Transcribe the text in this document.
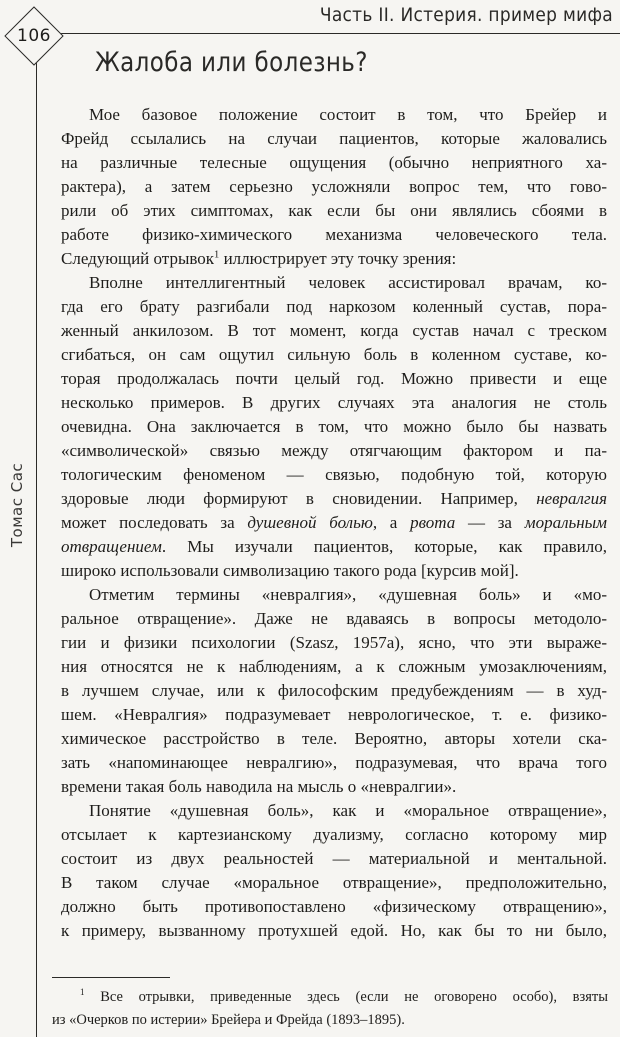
106
Часть II. Истерия. пример мифа
Томас Сас
Жалоба или болезнь?
Мое базовое положение состоит в том, что Брейер и
Фрейд ссылались на случаи пациентов, которые жаловались
на различные телесные ощущения (обычно неприятного ха-
рактера), а затем серьезно усложняли вопрос тем, что гово-
рили об этих симптомах, как если бы они являлись сбоями в
работе физико-химического механизма человеческого тела.
Следующий отрывок$^1$ иллюстрирует эту точку зрения:
Вполне интеллигентный человек ассистировал врачам, ко-
гда его брату разгибали под наркозом коленный сустав, пора-
женный анкилозом. В тот момент, когда сустав начал с треском
сгибаться, он сам ощутил сильную боль в коленном суставе, ко-
торая продолжалась почти целый год. Можно привести и еще
несколько примеров. В других случаях эта аналогия не столь
очевидна. Она заключается в том, что можно было бы назвать
«символической» связью между отягчающим фактором и па-
тологическим феноменом — связью, подобную той, которую
здоровые люди формируют в сновидении. Например, невралгия
может последовать за душевной болью, а рвота — за моральным
отвращением. Мы изучали пациентов, которые, как правило,
широко использовали символизацию такого рода [курсив мой].
Отметим термины «невралгия», «душевная боль» и «мо-
ральное отвращение». Даже не вдаваясь в вопросы методоло-
гии и физики психологии (Szasz, 1957a), ясно, что эти выраже-
ния относятся не к наблюдениям, а к сложным умозаключениям,
в лучшем случае, или к философским предубеждениям — в худ-
шем. «Невралгия» подразумевает неврологическое, т. е. физико-
химическое расстройство в теле. Вероятно, авторы хотели ска-
зать «напоминающее невралгию», подразумевая, что врача того
времени такая боль наводила на мысль о «невралгии».
Понятие «душевная боль», как и «моральное отвращение»,
отсылает к картезианскому дуализму, согласно которому мир
состоит из двух реальностей — материальной и ментальной.
В таком случае «моральное отвращение», предположительно,
должно быть противопоставлено «физическому отвращению»,
к примеру, вызванному протухшей едой. Но, как бы то ни было,
$^1$ Все отрывки, приведенные здесь (если не оговорено особо), взяты
из «Очерков по истерии» Брейера и Фрейда (1893–1895).
